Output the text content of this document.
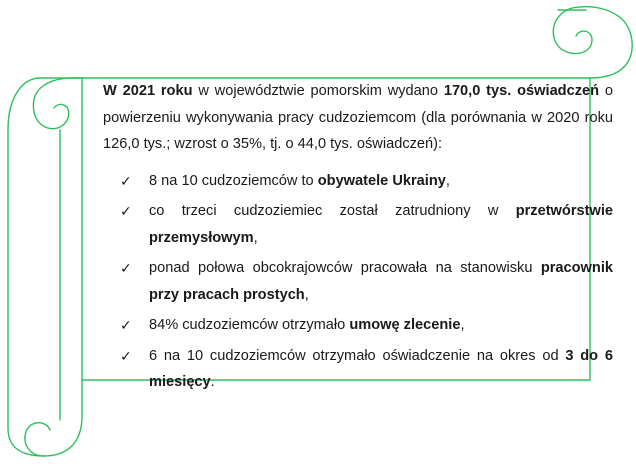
W 2021 roku w województwie pomorskim wydano 170,0 tys. oświadczeń o powierzeniu wykonywania pracy cudzoziemcom (dla porównania w 2020 roku 126,0 tys.; wzrost o 35%, tj. o 44,0 tys. oświadczeń):

✓ 8 na 10 cudzoziemców to obywatele Ukrainy,
✓ co trzeci cudzoziemiec został zatrudniony w przetwórstwie przemysłowym,
✓ ponad połowa obcokrajowców pracowała na stanowisku pracownik przy pracach prostych,
✓ 84% cudzoziemców otrzymało umowę zlecenie,
✓ 6 na 10 cudzoziemców otrzymało oświadczenie na okres od 3 do 6 miesięcy.
